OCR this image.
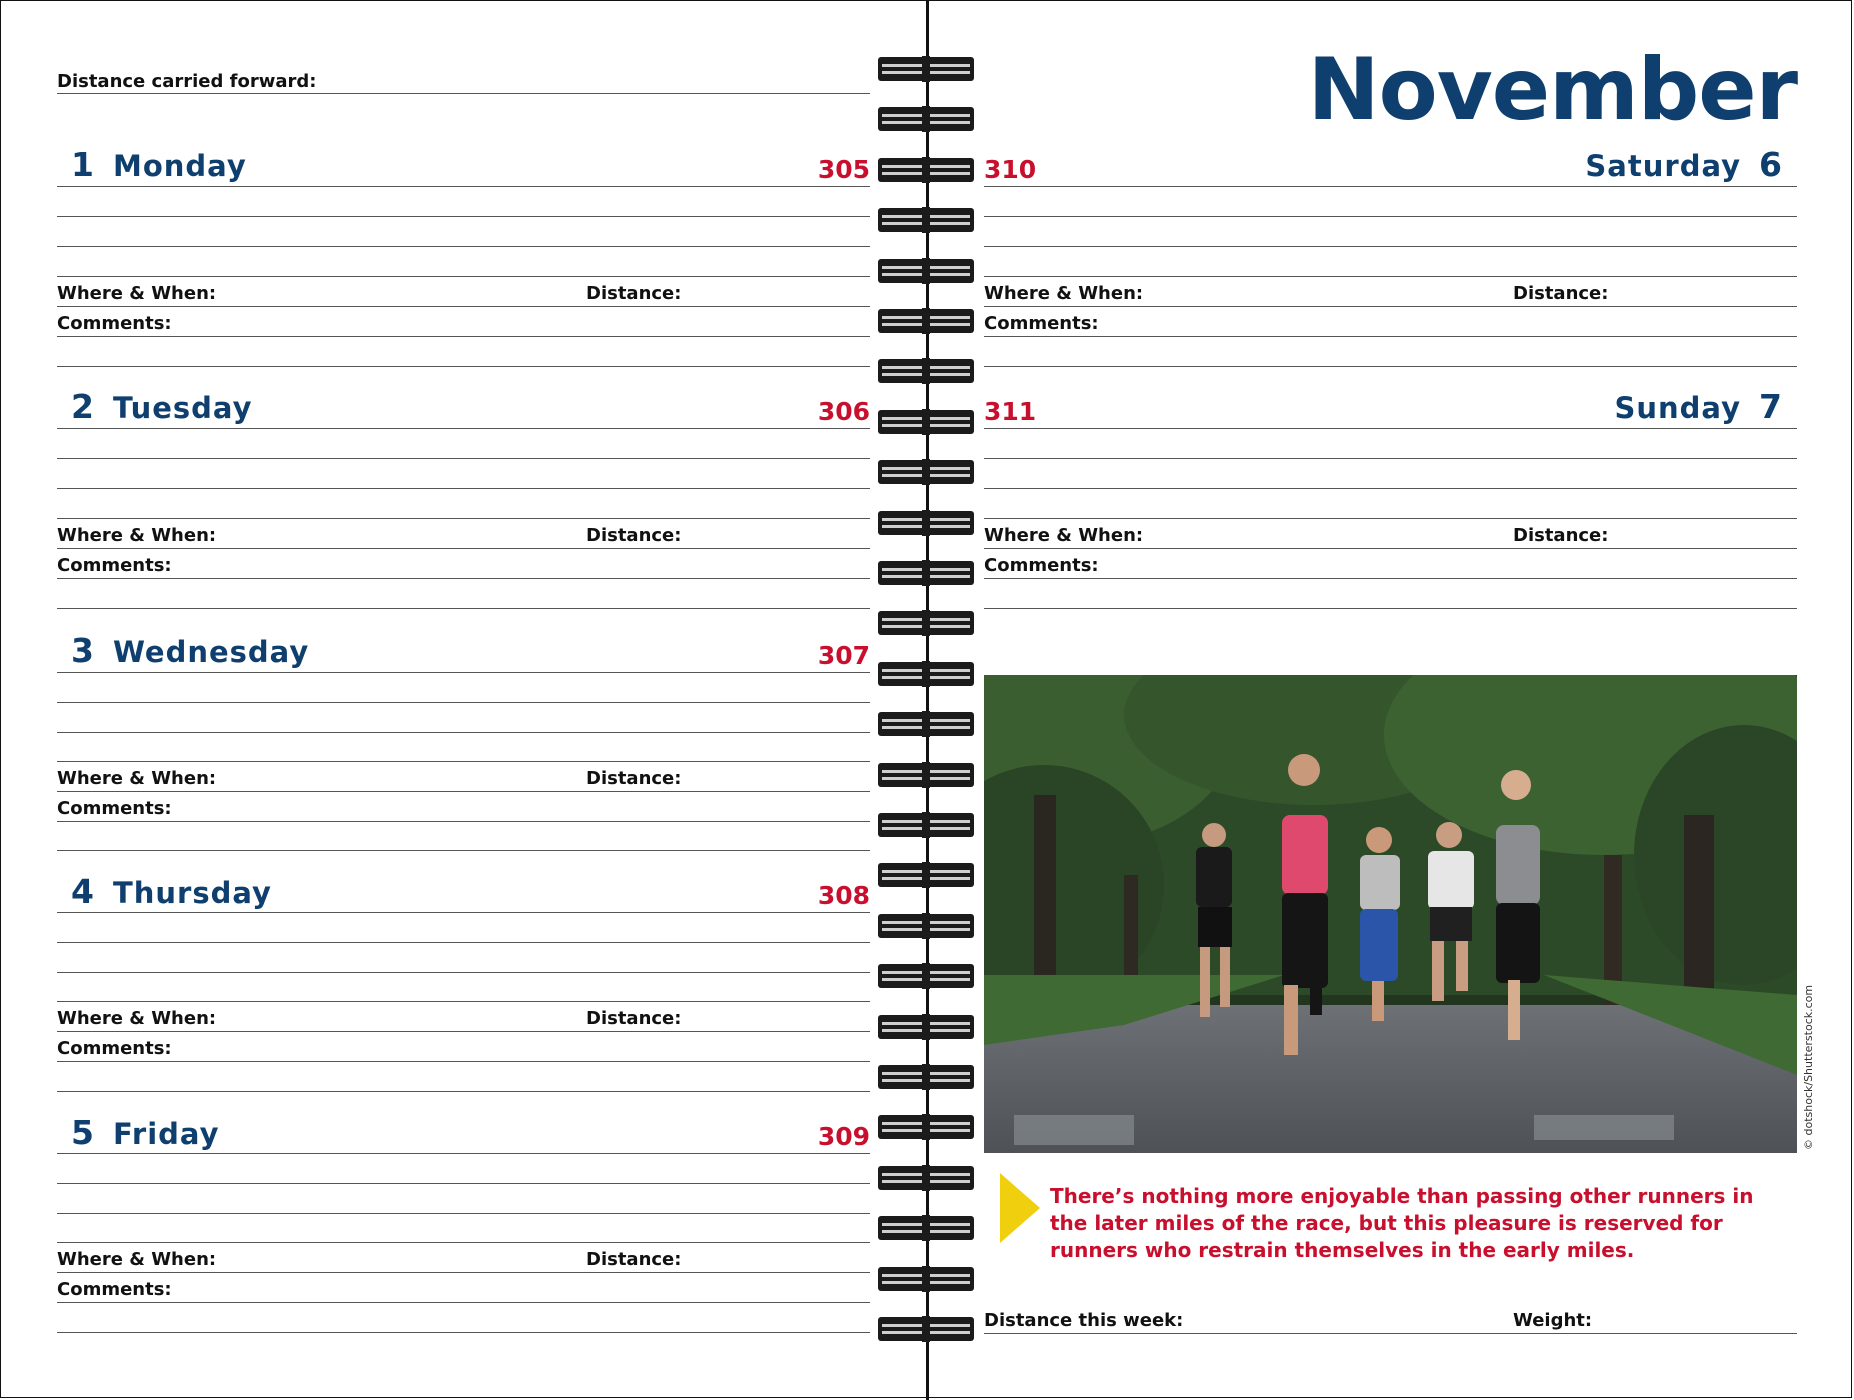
Distance carried forward:
1 Monday	305
Where & When:	Distance:
Comments:
2 Tuesday	306
Where & When:	Distance:
Comments:
3 Wednesday	307
Where & When:	Distance:
Comments:
4 Thursday	308
Where & When:	Distance:
Comments:
5 Friday	309
Where & When:	Distance:
Comments:
November
310	Saturday 6
Where & When:	Distance:
Comments:
311	Sunday 7
Where & When:	Distance:
Comments:
© dotshock/Shutterstock.com
There’s nothing more enjoyable than passing other runners in the later miles of the race, but this pleasure is reserved for runners who restrain themselves in the early miles.
Distance this week:	Weight:
